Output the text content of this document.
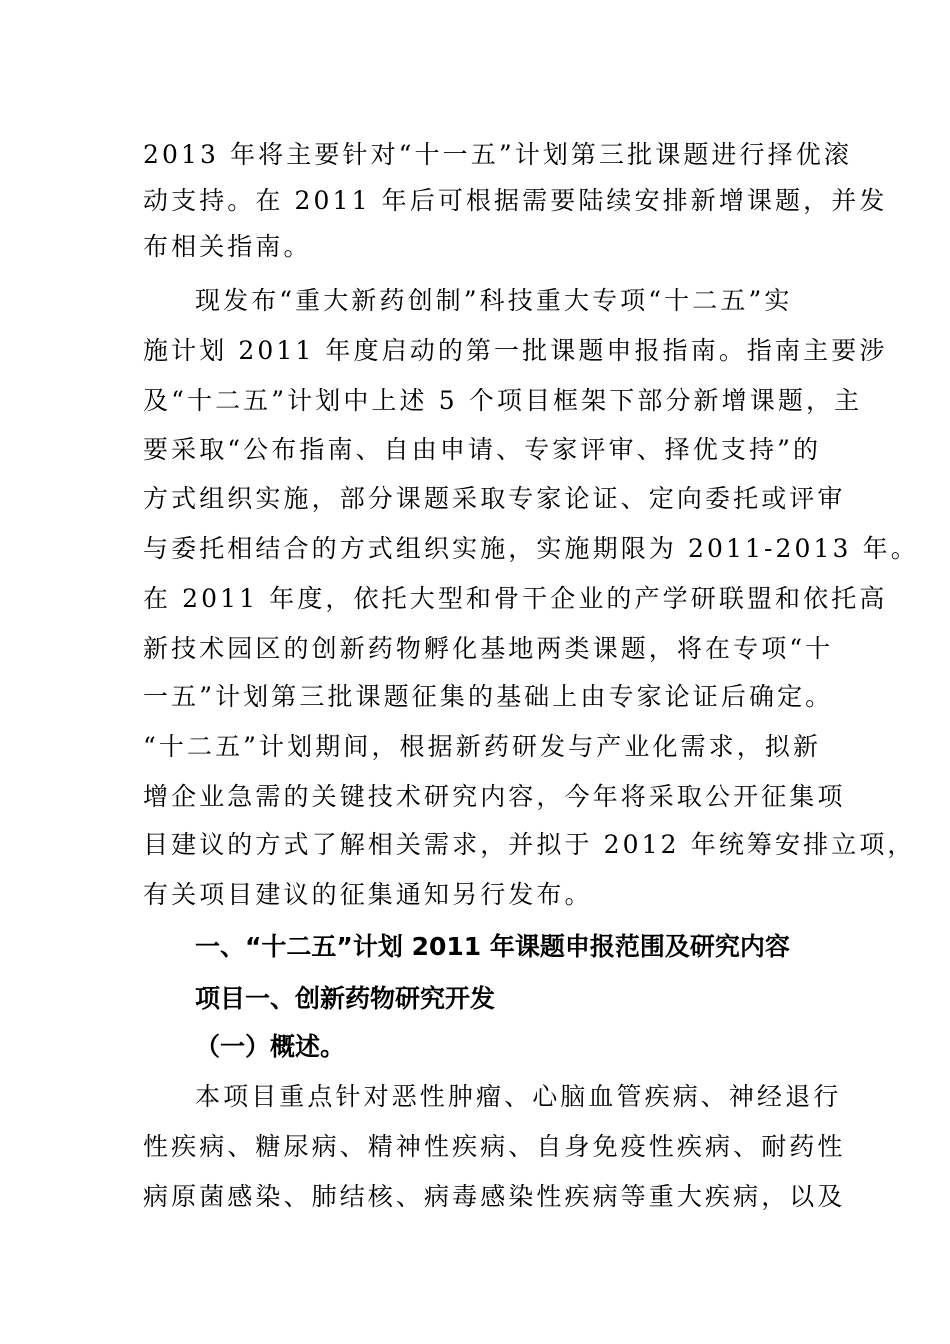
2013 年将主要针对“十一五”计划第三批课题进行择优滚
动支持。在 2011 年后可根据需要陆续安排新增课题，并发
布相关指南。
现发布“重大新药创制”科技重大专项“十二五”实
施计划 2011 年度启动的第一批课题申报指南。指南主要涉
及“十二五”计划中上述 5 个项目框架下部分新增课题，主
要采取“公布指南、自由申请、专家评审、择优支持”的
方式组织实施，部分课题采取专家论证、定向委托或评审
与委托相结合的方式组织实施，实施期限为 2011-2013 年。
在 2011 年度，依托大型和骨干企业的产学研联盟和依托高
新技术园区的创新药物孵化基地两类课题，将在专项“十
一五”计划第三批课题征集的基础上由专家论证后确定。
“十二五”计划期间，根据新药研发与产业化需求，拟新
增企业急需的关键技术研究内容，今年将采取公开征集项
目建议的方式了解相关需求，并拟于 2012 年统筹安排立项，
有关项目建议的征集通知另行发布。
一、“十二五”计划 2011 年课题申报范围及研究内容
项目一、创新药物研究开发
（一）概述。
本项目重点针对恶性肿瘤、心脑血管疾病、神经退行
性疾病、糖尿病、精神性疾病、自身免疫性疾病、耐药性
病原菌感染、肺结核、病毒感染性疾病等重大疾病，以及
